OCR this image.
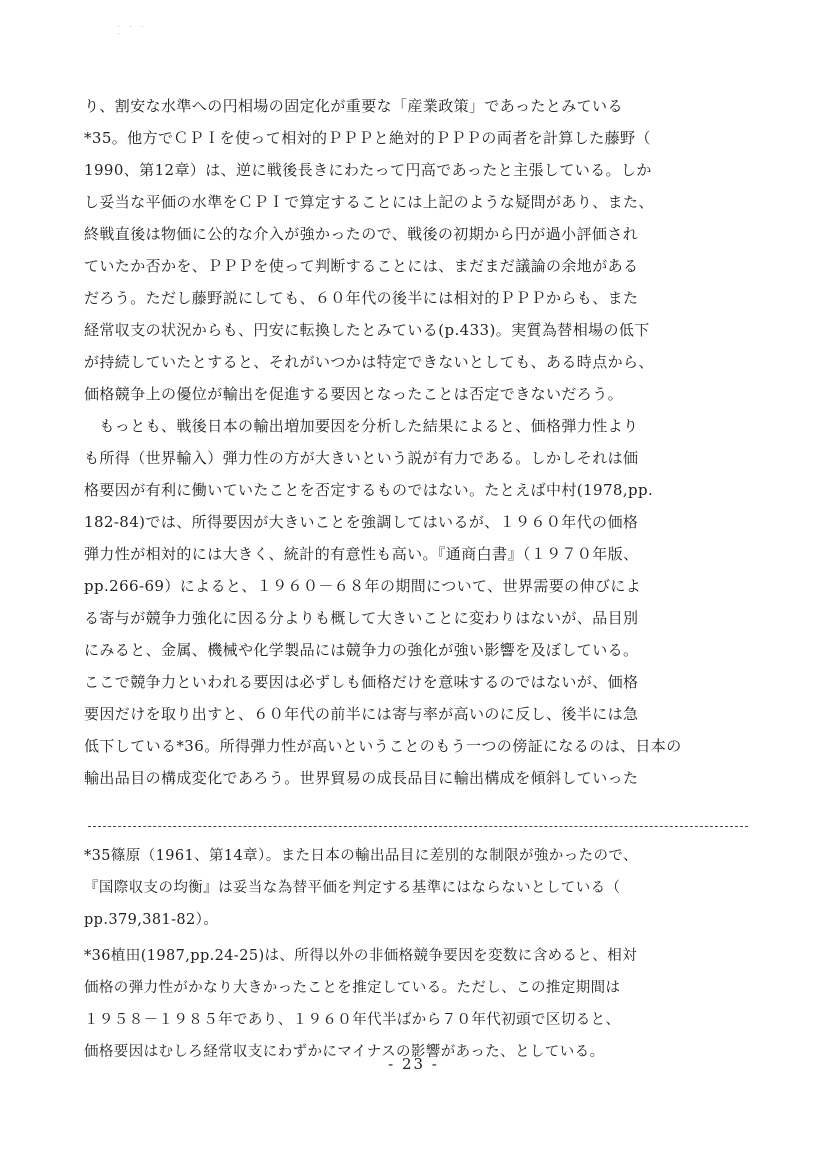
· · · ·
り、割安な水準への円相場の固定化が重要な「産業政策」であったとみている
*35。他方でＣＰＩを使って相対的ＰＰＰと絶対的ＰＰＰの両者を計算した藤野（
1990、第12章）は、逆に戦後長きにわたって円高であったと主張している。しか
し妥当な平価の水準をＣＰＩで算定することには上記のような疑問があり、また、
終戦直後は物価に公的な介入が強かったので、戦後の初期から円が過小評価され
ていたか否かを、ＰＰＰを使って判断することには、まだまだ議論の余地がある
だろう。ただし藤野説にしても、６０年代の後半には相対的ＰＰＰからも、また
経常収支の状況からも、円安に転換したとみている(p.433)。実質為替相場の低下
が持続していたとすると、それがいつかは特定できないとしても、ある時点から、
価格競争上の優位が輸出を促進する要因となったことは否定できないだろう。
　もっとも、戦後日本の輸出増加要因を分析した結果によると、価格弾力性より
も所得（世界輸入）弾力性の方が大きいという説が有力である。しかしそれは価
格要因が有利に働いていたことを否定するものではない。たとえば中村(1978,pp.
182-84)では、所得要因が大きいことを強調してはいるが、１９６０年代の価格
弾力性が相対的には大きく、統計的有意性も高い。『通商白書』（１９７０年版、
pp.266-69）によると、１９６０－６８年の期間について、世界需要の伸びによ
る寄与が競争力強化に因る分よりも概して大きいことに変わりはないが、品目別
にみると、金属、機械や化学製品には競争力の強化が強い影響を及ぼしている。
ここで競争力といわれる要因は必ずしも価格だけを意味するのではないが、価格
要因だけを取り出すと、６０年代の前半には寄与率が高いのに反し、後半には急
低下している*36。所得弾力性が高いということのもう一つの傍証になるのは、日本の
輸出品目の構成変化であろう。世界貿易の成長品目に輸出構成を傾斜していった
*35篠原（1961、第14章）。また日本の輸出品目に差別的な制限が強かったので、
『国際収支の均衡』は妥当な為替平価を判定する基準にはならないとしている（
pp.379,381-82）。
*36植田(1987,pp.24-25)は、所得以外の非価格競争要因を変数に含めると、相対
価格の弾力性がかなり大きかったことを推定している。ただし、この推定期間は
１９５８－１９８５年であり、１９６０年代半ばから７０年代初頭で区切ると、
価格要因はむしろ経常収支にわずかにマイナスの影響があった、としている。
- 23 -
